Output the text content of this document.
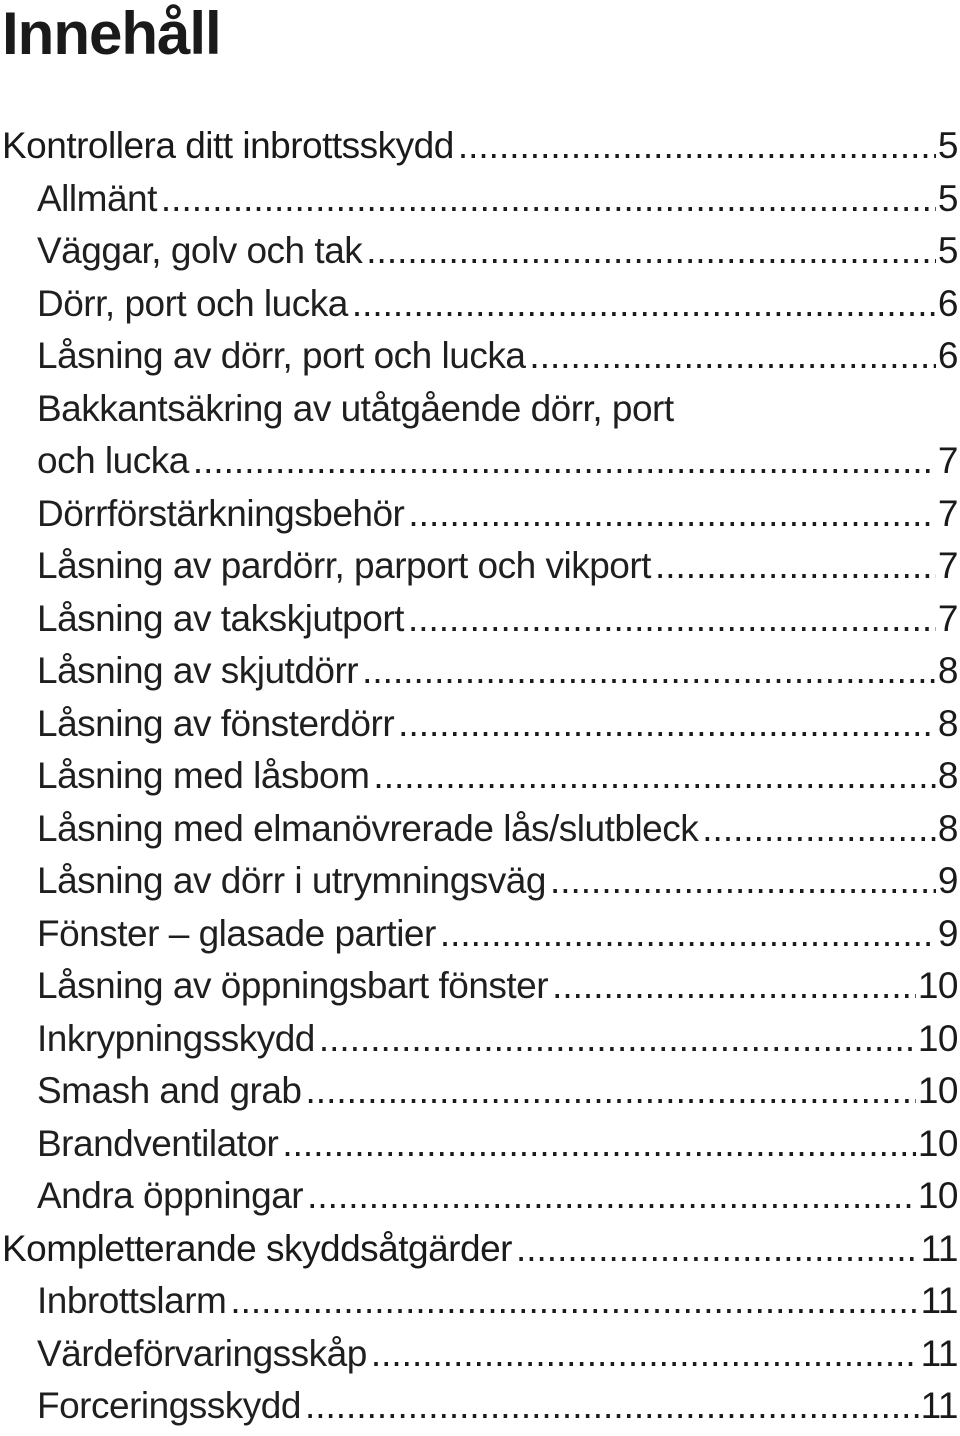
Innehåll
Kontrollera ditt inbrottsskydd .....	5
Allmänt .....	5
Väggar, golv och tak .....	5
Dörr, port och lucka .....	6
Låsning av dörr, port och lucka .....	6
Bakkantsäkring av utåtgående dörr, port
och lucka .....	7
Dörrförstärkningsbehör .....	7
Låsning av pardörr, parport och vikport .....	7
Låsning av takskjutport .....	7
Låsning av skjutdörr .....	8
Låsning av fönsterdörr .....	8
Låsning med låsbom .....	8
Låsning med elmanövrerade lås/slutbleck .....	8
Låsning av dörr i utrymningsväg .....	9
Fönster – glasade partier .....	9
Låsning av öppningsbart fönster .....	10
Inkrypningsskydd .....	10
Smash and grab .....	10
Brandventilator .....	10
Andra öppningar .....	10
Kompletterande skyddsåtgärder .....	11
Inbrottslarm .....	11
Värdeförvaringsskåp .....	11
Forceringsskydd .....	11
